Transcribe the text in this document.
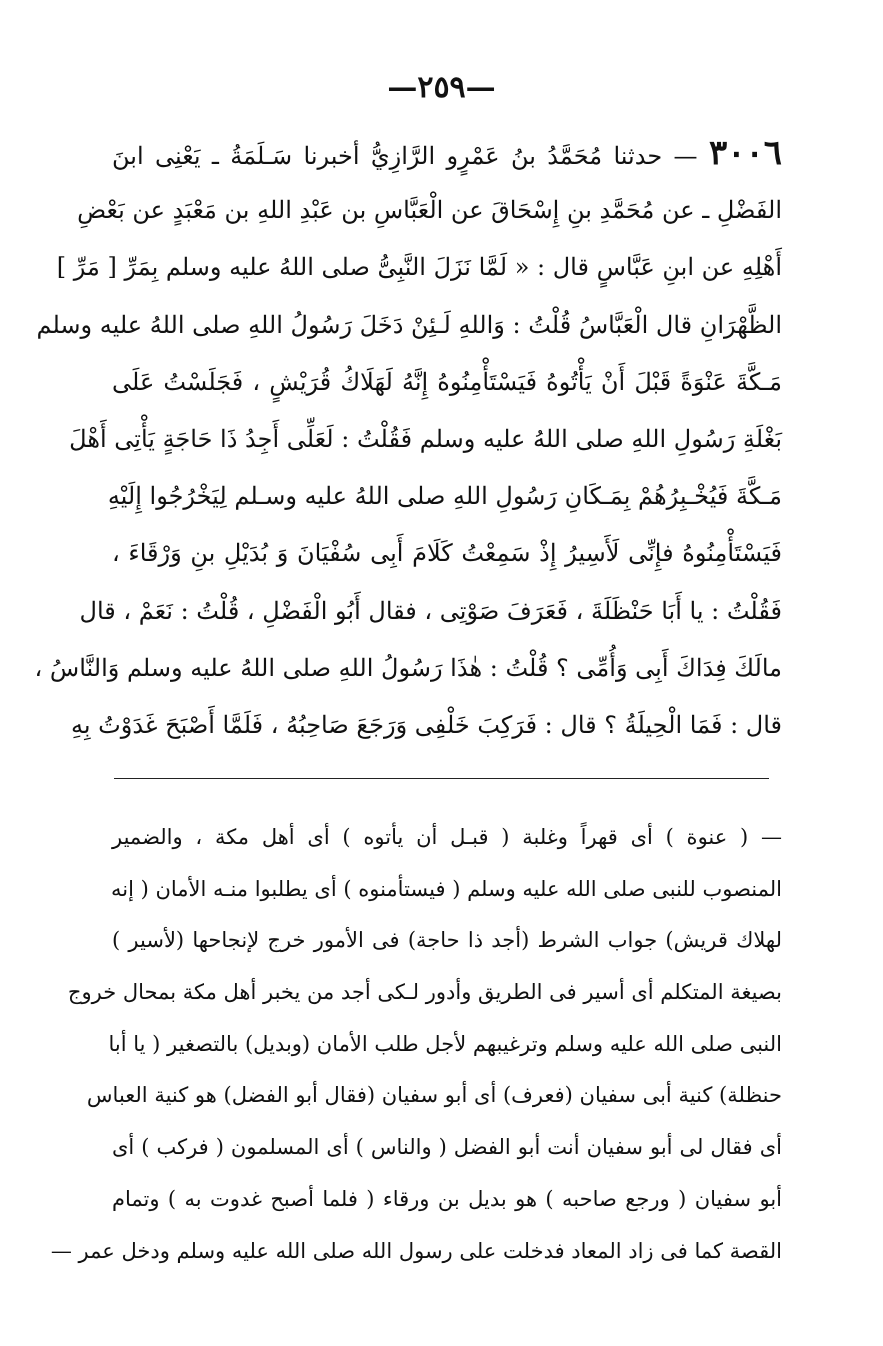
—٢٥٩—
٣٠٠٦ — حدثنا مُحَمَّدُ بنُ عَمْرٍو الرَّازِيُّ أخبرنا سَـلَمَةُ ـ يَعْنِى ابنَ
الفَضْلِ ـ عن مُحَمَّدِ بنِ إِسْحَاقَ عن الْعَبَّاسِ بن عَبْدِ اللهِ بن مَعْبَدٍ عن بَعْضِ
أَهْلِهِ عن ابنِ عَبَّاسٍ قال : « لَمَّا نَزَلَ النَّبِىُّ صلى اللهُ عليه وسلم بِمَرِّ [ مَرِّ ]
الظَّهْرَانِ قال الْعَبَّاسُ قُلْتُ : وَاللهِ لَـئِنْ دَخَلَ رَسُولُ اللهِ صلى اللهُ عليه وسلم
مَـكَّةَ عَنْوَةً قَبْلَ أَنْ يَأْتُوهُ فَيَسْتَأْمِنُوهُ إِنَّهُ لَهَلَاكُ قُرَيْشٍ ، فَجَلَسْتُ عَلَى
بَغْلَةِ رَسُولِ اللهِ صلى اللهُ عليه وسلم فَقُلْتُ : لَعَلِّى أَجِدُ ذَا حَاجَةٍ يَأْتِى أَهْلَ
مَـكَّةَ فَيُخْـبِرُهُمْ بِمَـكَانِ رَسُولِ اللهِ صلى اللهُ عليه وسـلم لِيَخْرُجُوا إِلَيْهِ
فَيَسْتَأْمِنُوهُ فإِنِّى لَأَسِيرُ إِذْ سَمِعْتُ كَلَامَ أَبِى سُفْيَانَ وَ بُدَيْلِ بنِ وَرْقَاءَ ،
فَقُلْتُ : يا أَبَا حَنْظَلَةَ ، فَعَرَفَ صَوْتِى ، فقال أَبُو الْفَضْلِ ، قُلْتُ : نَعَمْ ، قال
مالَكَ فِدَاكَ أَبِى وَأُمِّى ؟ قُلْتُ : هٰذَا رَسُولُ اللهِ صلى اللهُ عليه وسلم وَالنَّاسُ ،
قال : فَمَا الْحِيلَةُ ؟ قال : فَرَكِبَ خَلْفِى وَرَجَعَ صَاحِبُهُ ، فَلَمَّا أَصْبَحَ غَدَوْتُ بِهِ
— ( عنوة ) أى قهراً وغلبة ( قبـل أن يأتوه ) أى أهل مكة ، والضمير
المنصوب للنبى صلى الله عليه وسلم ( فيستأمنوه ) أى يطلبوا منـه الأمان ( إنه
لهلاك قريش) جواب الشرط (أجد ذا حاجة) فى الأمور خرج لإنجاحها (لأسير )
بصيغة المتكلم أى أسير فى الطريق وأدور لـكى أجد من يخبر أهل مكة بمحال خروج
النبى صلى الله عليه وسلم وترغيبهم لأجل طلب الأمان (وبديل) بالتصغير ( يا أبا
حنظلة) كنية أبى سفيان (فعرف) أى أبو سفيان (فقال أبو الفضل) هو كنية العباس
أى فقال لى أبو سفيان أنت أبو الفضل ( والناس ) أى المسلمون ( فركب ) أى
أبو سفيان ( ورجع صاحبه ) هو بديل بن ورقاء ( فلما أصبح غدوت به ) وتمام
القصة كما فى زاد المعاد فدخلت على رسول الله صلى الله عليه وسلم ودخل عمر —
